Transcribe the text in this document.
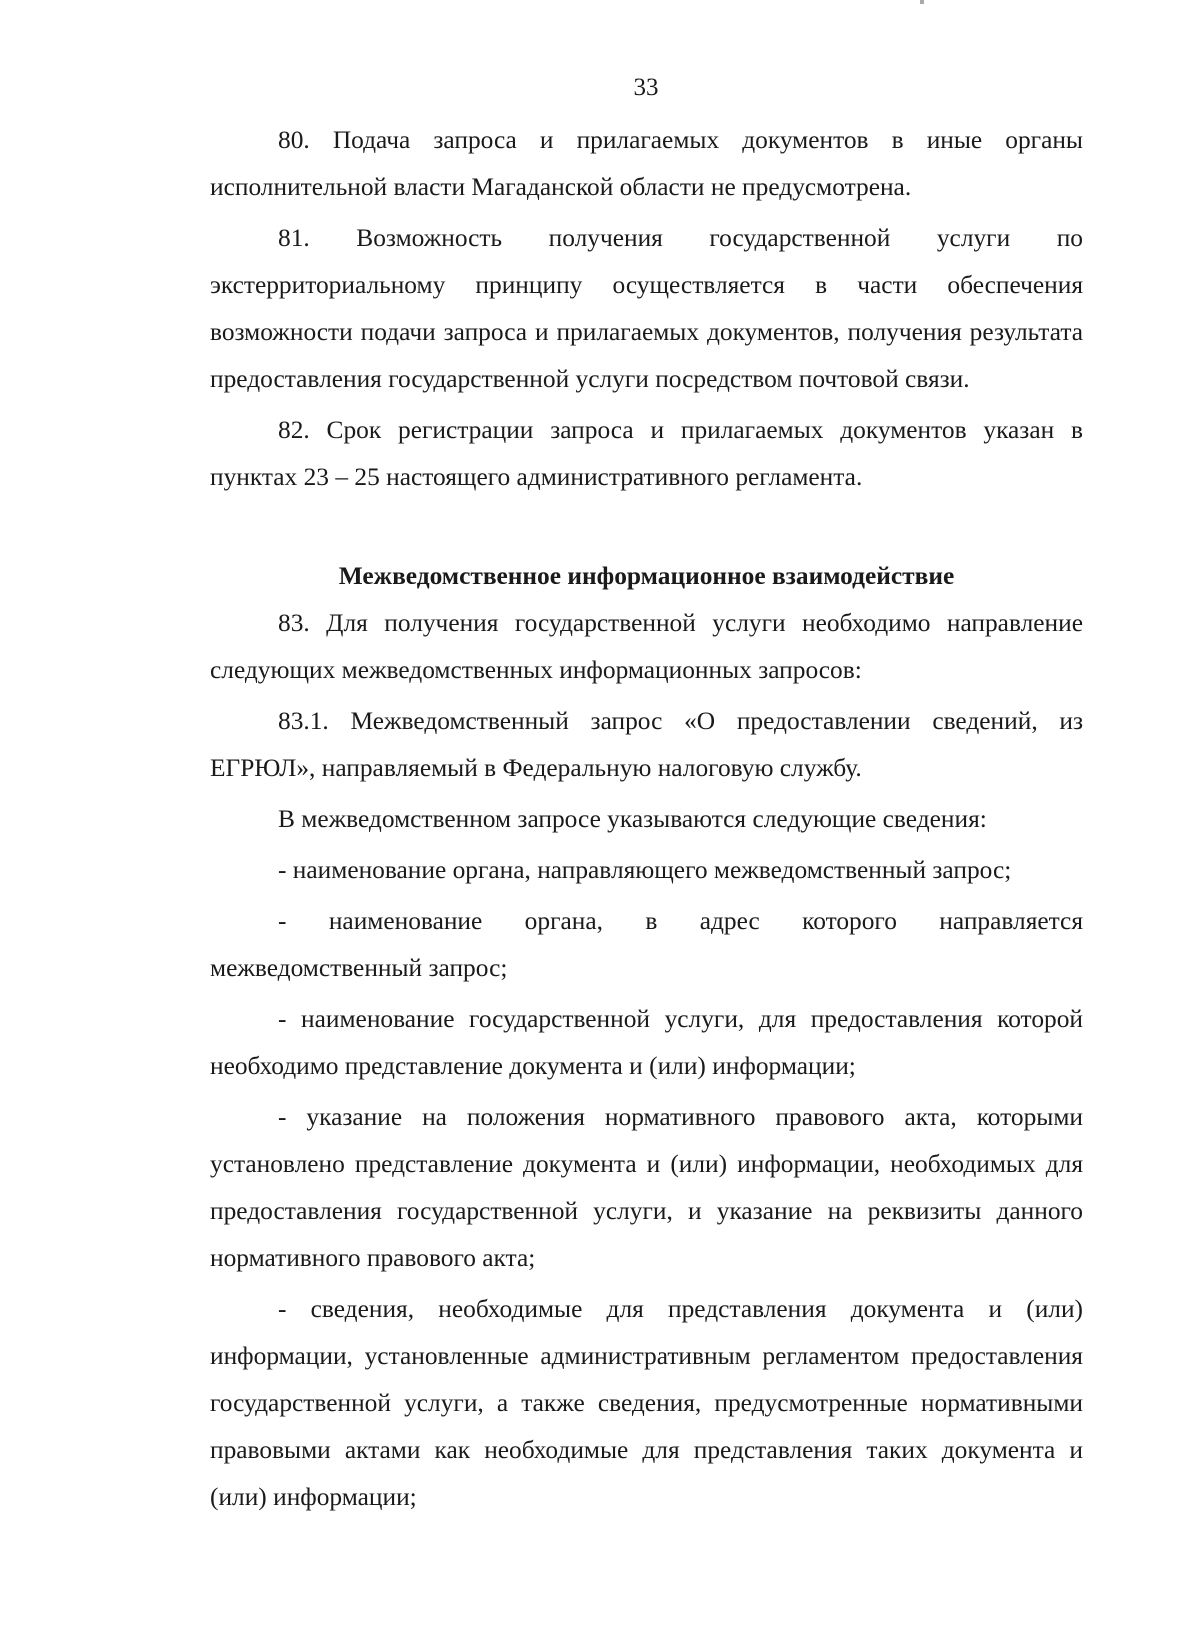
33

80. Подача запроса и прилагаемых документов в иные органы исполнительной власти Магаданской области не предусмотрена.

81. Возможность получения государственной услуги по экстерриториальному принципу осуществляется в части обеспечения возможности подачи запроса и прилагаемых документов, получения результата предоставления государственной услуги посредством почтовой связи.

82. Срок регистрации запроса и прилагаемых документов указан в пунктах 23 – 25 настоящего административного регламента.

Межведомственное информационное взаимодействие

83. Для получения государственной услуги необходимо направление следующих межведомственных информационных запросов:

83.1. Межведомственный запрос «О предоставлении сведений, из ЕГРЮЛ», направляемый в Федеральную налоговую службу.

В межведомственном запросе указываются следующие сведения:

- наименование органа, направляющего межведомственный запрос;

- наименование органа, в адрес которого направляется межведомственный запрос;

- наименование государственной услуги, для предоставления которой необходимо представление документа и (или) информации;

- указание на положения нормативного правового акта, которыми установлено представление документа и (или) информации, необходимых для предоставления государственной услуги, и указание на реквизиты данного нормативного правового акта;

- сведения, необходимые для представления документа и (или) информации, установленные административным регламентом предоставления государственной услуги, а также сведения, предусмотренные нормативными правовыми актами как необходимые для представления таких документа и (или) информации;
